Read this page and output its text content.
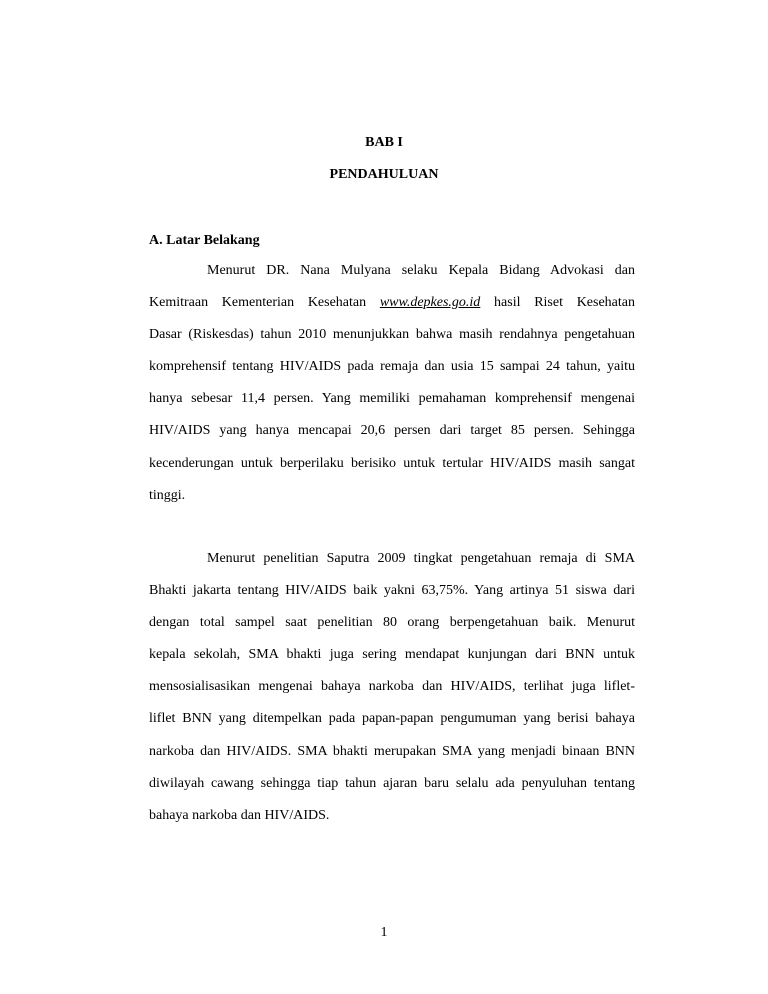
BAB I
PENDAHULUAN
A. Latar Belakang
Menurut DR. Nana Mulyana selaku Kepala Bidang Advokasi dan
Kemitraan Kementerian Kesehatan www.depkes.go.id hasil Riset Kesehatan
Dasar (Riskesdas) tahun 2010 menunjukkan bahwa masih rendahnya pengetahuan
komprehensif tentang HIV/AIDS pada remaja dan usia 15 sampai 24 tahun, yaitu
hanya sebesar 11,4 persen. Yang memiliki pemahaman komprehensif mengenai
HIV/AIDS yang hanya mencapai 20,6 persen dari target 85 persen. Sehingga
kecenderungan untuk berperilaku berisiko untuk tertular HIV/AIDS masih sangat
tinggi.
Menurut penelitian Saputra 2009 tingkat pengetahuan remaja di SMA
Bhakti jakarta tentang HIV/AIDS baik yakni 63,75%. Yang artinya 51 siswa dari
dengan total sampel saat penelitian 80 orang berpengetahuan baik. Menurut
kepala sekolah, SMA bhakti juga sering mendapat kunjungan dari BNN untuk
mensosialisasikan mengenai bahaya narkoba dan HIV/AIDS, terlihat juga liflet-
liflet BNN yang ditempelkan pada papan-papan pengumuman yang berisi bahaya
narkoba dan HIV/AIDS. SMA bhakti merupakan SMA yang menjadi binaan BNN
diwilayah cawang sehingga tiap tahun ajaran baru selalu ada penyuluhan tentang
bahaya narkoba dan HIV/AIDS.
1
